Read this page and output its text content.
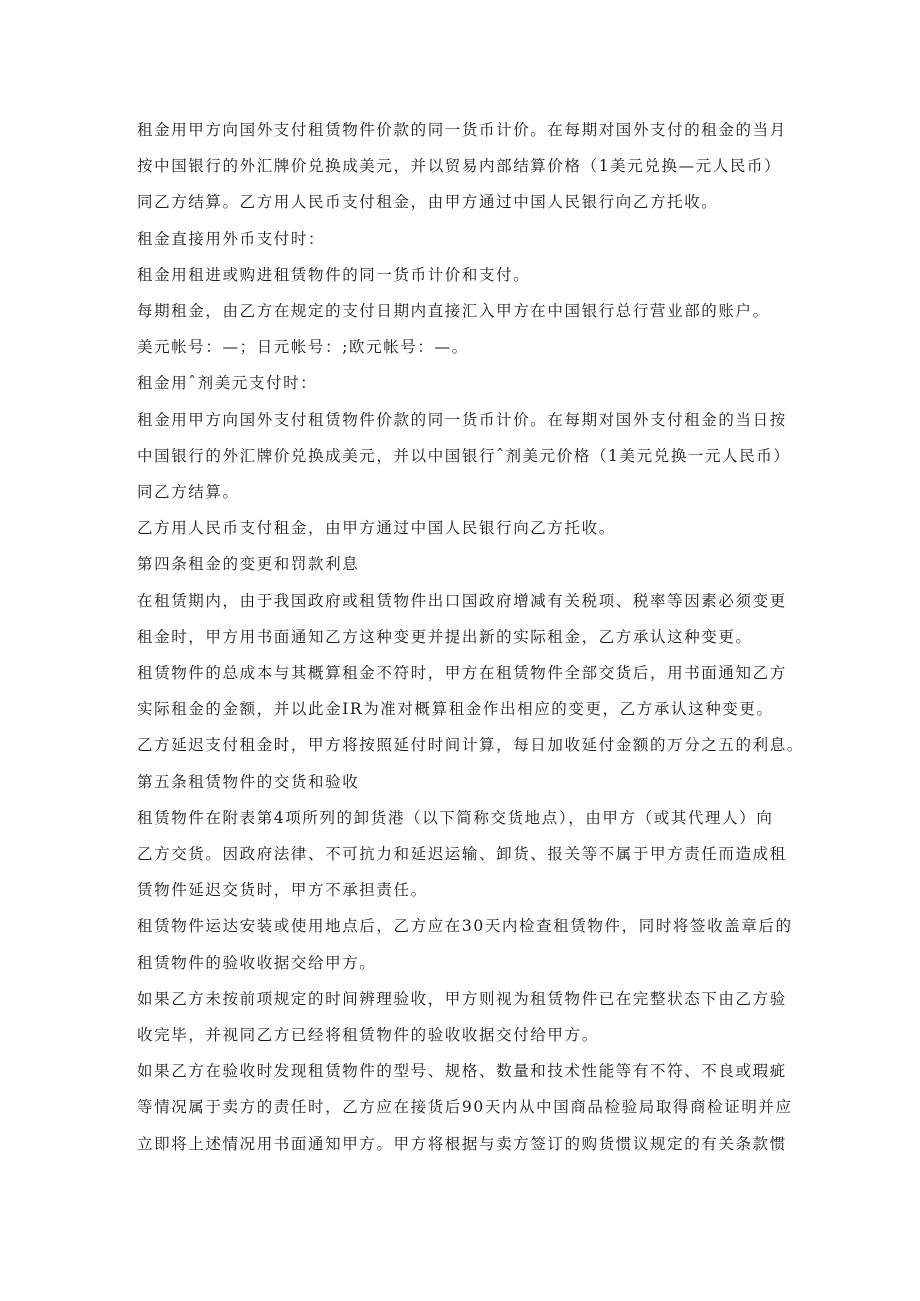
租金用甲方向国外支付租赁物件价款的同一货币计价。在每期对国外支付的租金的当月
按中国银行的外汇牌价兑换成美元，并以贸易内部结算价格（1美元兑换—元人民币）
同乙方结算。乙方用人民币支付租金，由甲方通过中国人民银行向乙方托收。

租金直接用外币支付时：

租金用租进或购进租赁物件的同一货币计价和支付。

每期租金，由乙方在规定的支付日期内直接汇入甲方在中国银行总行营业部的账户。

美元帐号：—；日元帐号：;欧元帐号：—。

租金用ˆ剂美元支付时：

租金用甲方向国外支付租赁物件价款的同一货币计价。在每期对国外支付租金的当日按
中国银行的外汇牌价兑换成美元，并以中国银行ˆ剂美元价格（1美元兑换一元人民币）
同乙方结算。

乙方用人民币支付租金，由甲方通过中国人民银行向乙方托收。

第四条租金的变更和罚款利息

在租赁期内，由于我国政府或租赁物件出口国政府增减有关税项、税率等因素必须变更
租金时，甲方用书面通知乙方这种变更并提出新的实际租金，乙方承认这种变更。

租赁物件的总成本与其概算租金不符时，甲方在租赁物件全部交货后，用书面通知乙方
实际租金的金额，并以此金IR为准对概算租金作出相应的变更，乙方承认这种变更。

乙方延迟支付租金时，甲方将按照延付时间计算，每日加收延付金额的万分之五的利息。

第五条租赁物件的交货和验收

租赁物件在附表第4项所列的卸货港（以下简称交货地点），由甲方（或其代理人）向
乙方交货。因政府法律、不可抗力和延迟运输、卸货、报关等不属于甲方责任而造成租
赁物件延迟交货时，甲方不承担责任。

租赁物件运达安装或使用地点后，乙方应在30天内检查租赁物件，同时将签收盖章后的
租赁物件的验收收据交给甲方。

如果乙方未按前项规定的时间辨理验收，甲方则视为租赁物件已在完整状态下由乙方验
收完毕，并视同乙方已经将租赁物件的验收收据交付给甲方。

如果乙方在验收时发现租赁物件的型号、规格、数量和技术性能等有不符、不良或瑕疵
等情况属于卖方的责任时，乙方应在接货后90天内从中国商品检验局取得商检证明并应
立即将上述情况用书面通知甲方。甲方将根据与卖方签订的购货惯议规定的有关条款惯
